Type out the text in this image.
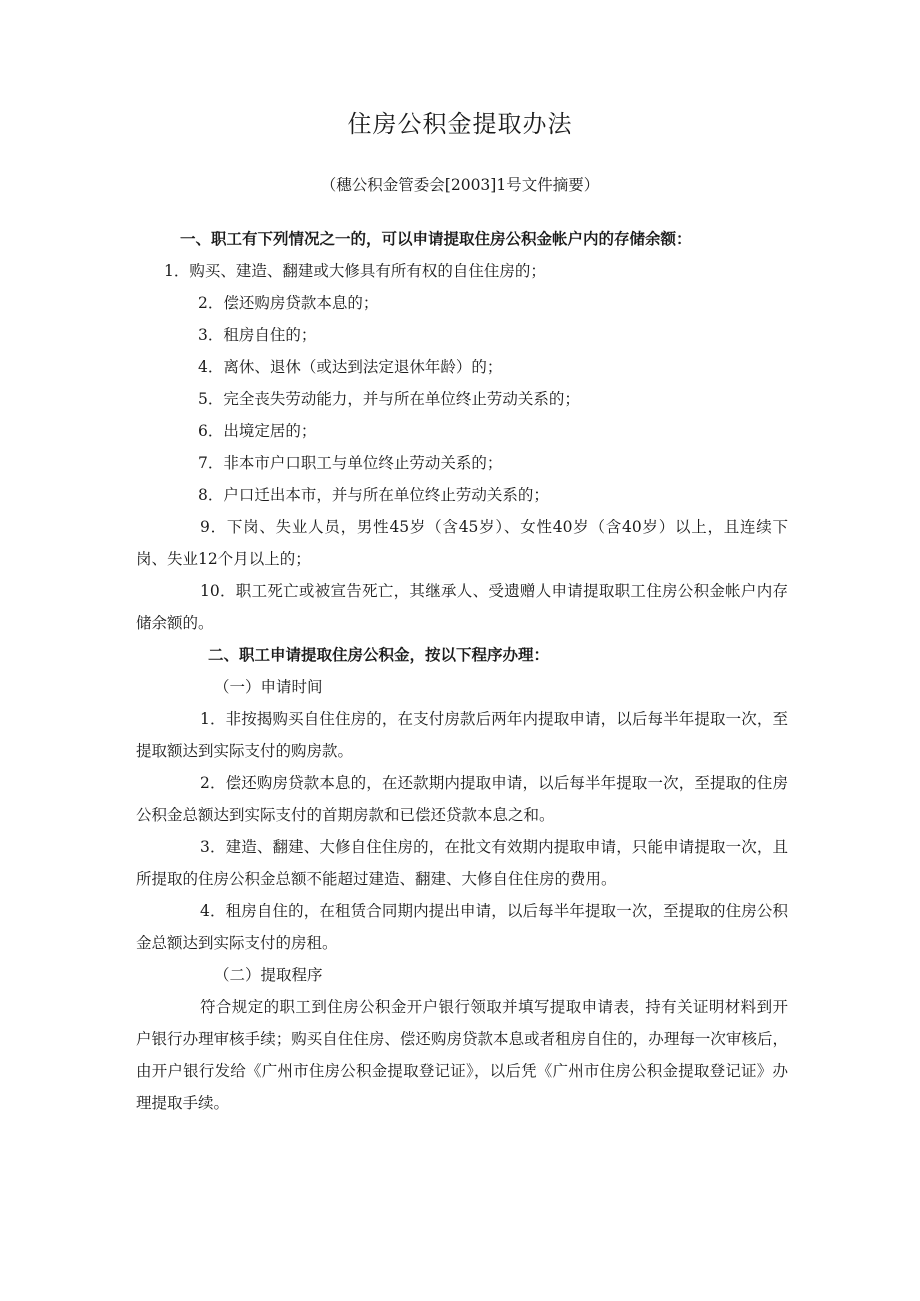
住房公积金提取办法

（穗公积金管委会[2003]1号文件摘要）

一、职工有下列情况之一的，可以申请提取住房公积金帐户内的存储余额：

1．购买、建造、翻建或大修具有所有权的自住住房的；

2．偿还购房贷款本息的；

3．租房自住的；

4．离休、退休（或达到法定退休年龄）的；

5．完全丧失劳动能力，并与所在单位终止劳动关系的；

6．出境定居的；

7．非本市户口职工与单位终止劳动关系的；

8．户口迁出本市，并与所在单位终止劳动关系的；

9．下岗、失业人员，男性45岁（含45岁）、女性40岁（含40岁）以上，且连续下岗、失业12个月以上的；

10．职工死亡或被宣告死亡，其继承人、受遗赠人申请提取职工住房公积金帐户内存储余额的。

二、职工申请提取住房公积金，按以下程序办理：

（一）申请时间

1．非按揭购买自住住房的，在支付房款后两年内提取申请，以后每半年提取一次，至提取额达到实际支付的购房款。

2．偿还购房贷款本息的，在还款期内提取申请，以后每半年提取一次，至提取的住房公积金总额达到实际支付的首期房款和已偿还贷款本息之和。

3．建造、翻建、大修自住住房的，在批文有效期内提取申请，只能申请提取一次，且所提取的住房公积金总额不能超过建造、翻建、大修自住住房的费用。

4．租房自住的，在租赁合同期内提出申请，以后每半年提取一次，至提取的住房公积金总额达到实际支付的房租。

（二）提取程序

符合规定的职工到住房公积金开户银行领取并填写提取申请表，持有关证明材料到开户银行办理审核手续；购买自住住房、偿还购房贷款本息或者租房自住的，办理每一次审核后，由开户银行发给《广州市住房公积金提取登记证》，以后凭《广州市住房公积金提取登记证》办理提取手续。
